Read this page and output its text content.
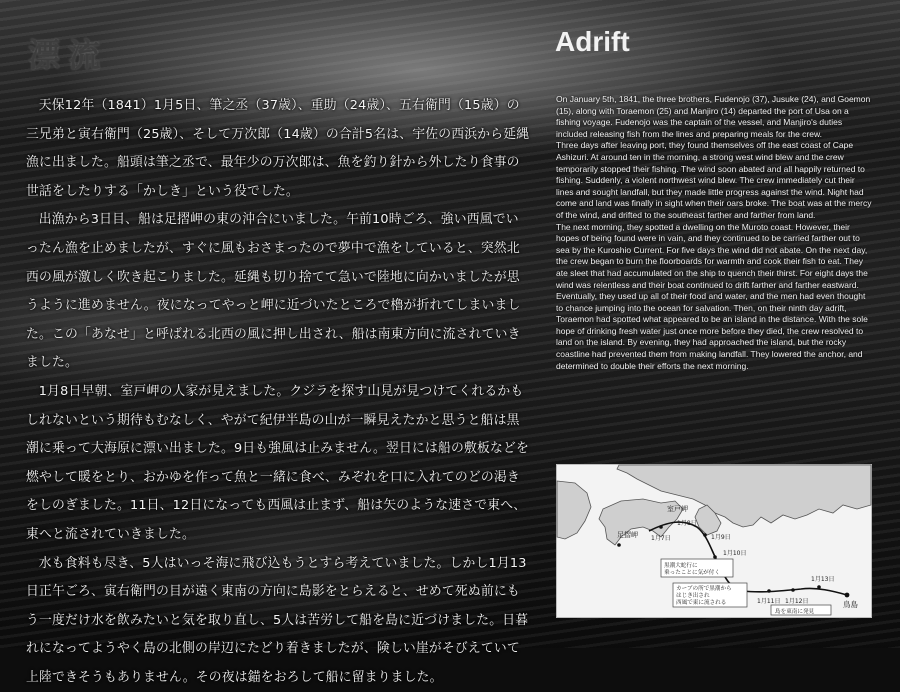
漂流	Adrift

天保12年（1841）1月5日、筆之丞（37歳）、重助（24歳）、五右衛門（15歳）の三兄弟と寅右衛門（25歳）、そして万次郎（14歳）の合計5名は、宇佐の西浜から延縄漁に出ました。船頭は筆之丞で、最年少の万次郎は、魚を釣り針から外したり食事の世話をしたりする「かしき」という役でした。

出漁から3日目、船は足摺岬の東の沖合にいました。午前10時ごろ、強い西風でいったん漁を止めましたが、すぐに風もおさまったので夢中で漁をしていると、突然北西の風が激しく吹き起こりました。延縄も切り捨てて急いで陸地に向かいましたが思うように進めません。夜になってやっと岬に近づいたところで櫓が折れてしまいました。この「あなせ」と呼ばれる北西の風に押し出され、船は南東方向に流されていきました。

1月8日早朝、室戸岬の人家が見えました。クジラを探す山見が見つけてくれるかもしれないという期待もむなしく、やがて紀伊半島の山が一瞬見えたかと思うと船は黒潮に乗って大海原に漂い出ました。9日も強風は止みません。翌日には船の敷板などを燃やして暖をとり、おかゆを作って魚と一緒に食べ、みぞれを口に入れてのどの渇きをしのぎました。11日、12日になっても西風は止まず、船は矢のような速さで東へ、東へと流されていきました。

水も食料も尽き、5人はいっそ海に飛び込もうとすら考えていました。しかし1月13日正午ごろ、寅右衛門の目が遠く東南の方向に島影をとらえると、せめて死ぬ前にもう一度だけ水を飲みたいと気を取り直し、5人は苦労して船を島に近づけました。日暮れになってようやく島の北側の岸辺にたどり着きましたが、険しい崖がそびえていて上陸できそうもありません。その夜は錨をおろして船に留まりました。

On January 5th, 1841, the three brothers, Fudenojo (37), Jusuke (24), and Goemon (15), along with Toraemon (25) and Manjiro (14) departed the port of Usa on a fishing voyage. Fudenojo was the captain of the vessel, and Manjiro's duties included releasing fish from the lines and preparing meals for the crew.

Three days after leaving port, they found themselves off the east coast of Cape Ashizuri. At around ten in the morning, a strong west wind blew and the crew temporarily stopped their fishing. The wind soon abated and all happily returned to fishing. Suddenly, a violent northwest wind blew. The crew immediately cut their lines and sought landfall, but they made little progress against the wind. Night had come and land was finally in sight when their oars broke. The boat was at the mercy of the wind, and drifted to the southeast farther and farther from land.

The next morning, they spotted a dwelling on the Muroto coast. However, their hopes of being found were in vain, and they continued to be carried farther out to sea by the Kuroshio Current. For five days the wind did not abate. On the next day, the crew began to burn the floorboards for warmth and cook their fish to eat. They ate sleet that had accumulated on the ship to quench their thirst. For eight days the wind was relentless and their boat continued to drift farther and farther eastward.

Eventually, they used up all of their food and water, and the men had even thought to chance jumping into the ocean for salvation. Then, on their ninth day adrift, Toraemon had spotted what appeared to be an island in the distance. With the sole hope of drinking fresh water just once more before they died, the crew resolved to land on the island. By evening, they had approached the island, but the rocky coastline had prevented them from making landfall. They lowered the anchor, and determined to double their efforts the next morning.

室戸岬
足摺岬
鳥島
1月8日
1月7日	1月9日
1月10日
1月11日 1月12日
1月13日
黒潮大蛇行に
乗ったことに気が付く
カーブの所で黒潮から
はじき出され
西風で東に流される
島を東南に発見
